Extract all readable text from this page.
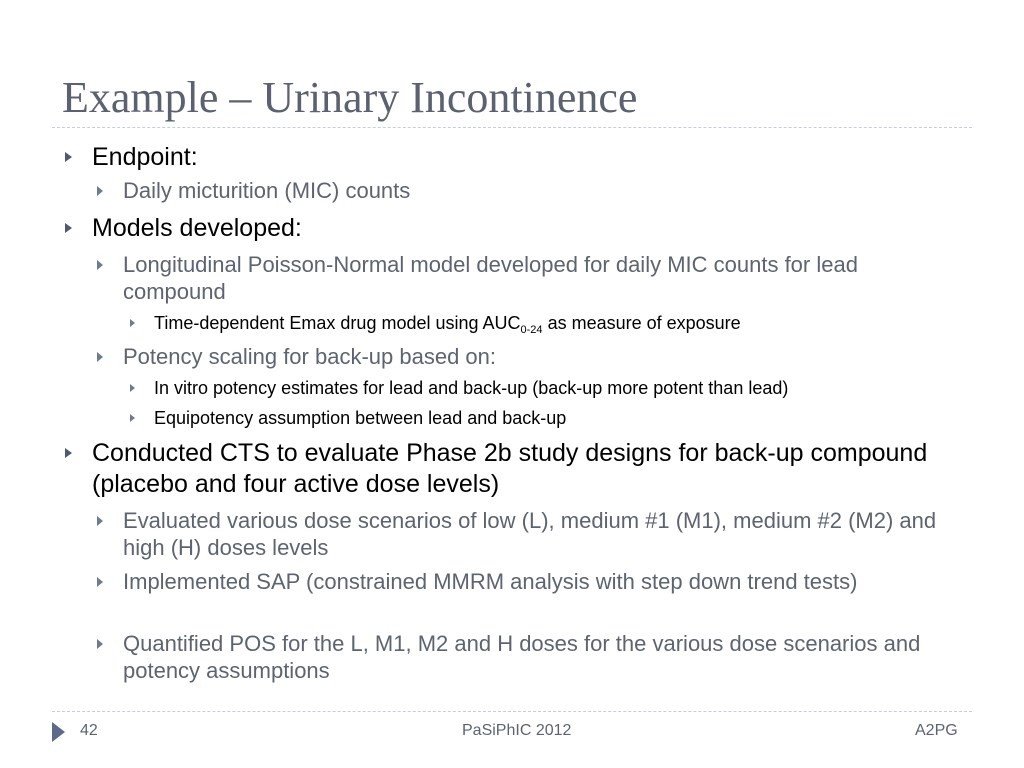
Example – Urinary Incontinence

Endpoint:

Daily micturition (MIC) counts

Models developed:

Longitudinal Poisson-Normal model developed for daily MIC counts for lead compound

Time-dependent Emax drug model using $AUC_{0-24}$ as measure of exposure

Potency scaling for back-up based on:

In vitro potency estimates for lead and back-up (back-up more potent than lead)

Equipotency assumption between lead and back-up

Conducted CTS to evaluate Phase 2b study designs for back-up compound (placebo and four active dose levels)

Evaluated various dose scenarios of low (L), medium #1 (M1), medium #2 (M2) and high (H) doses levels

Implemented SAP (constrained MMRM analysis with step down trend tests)

Quantified POS for the L, M1, M2 and H doses for the various dose scenarios and potency assumptions

42	PaSiPhIC 2012	A2PG
